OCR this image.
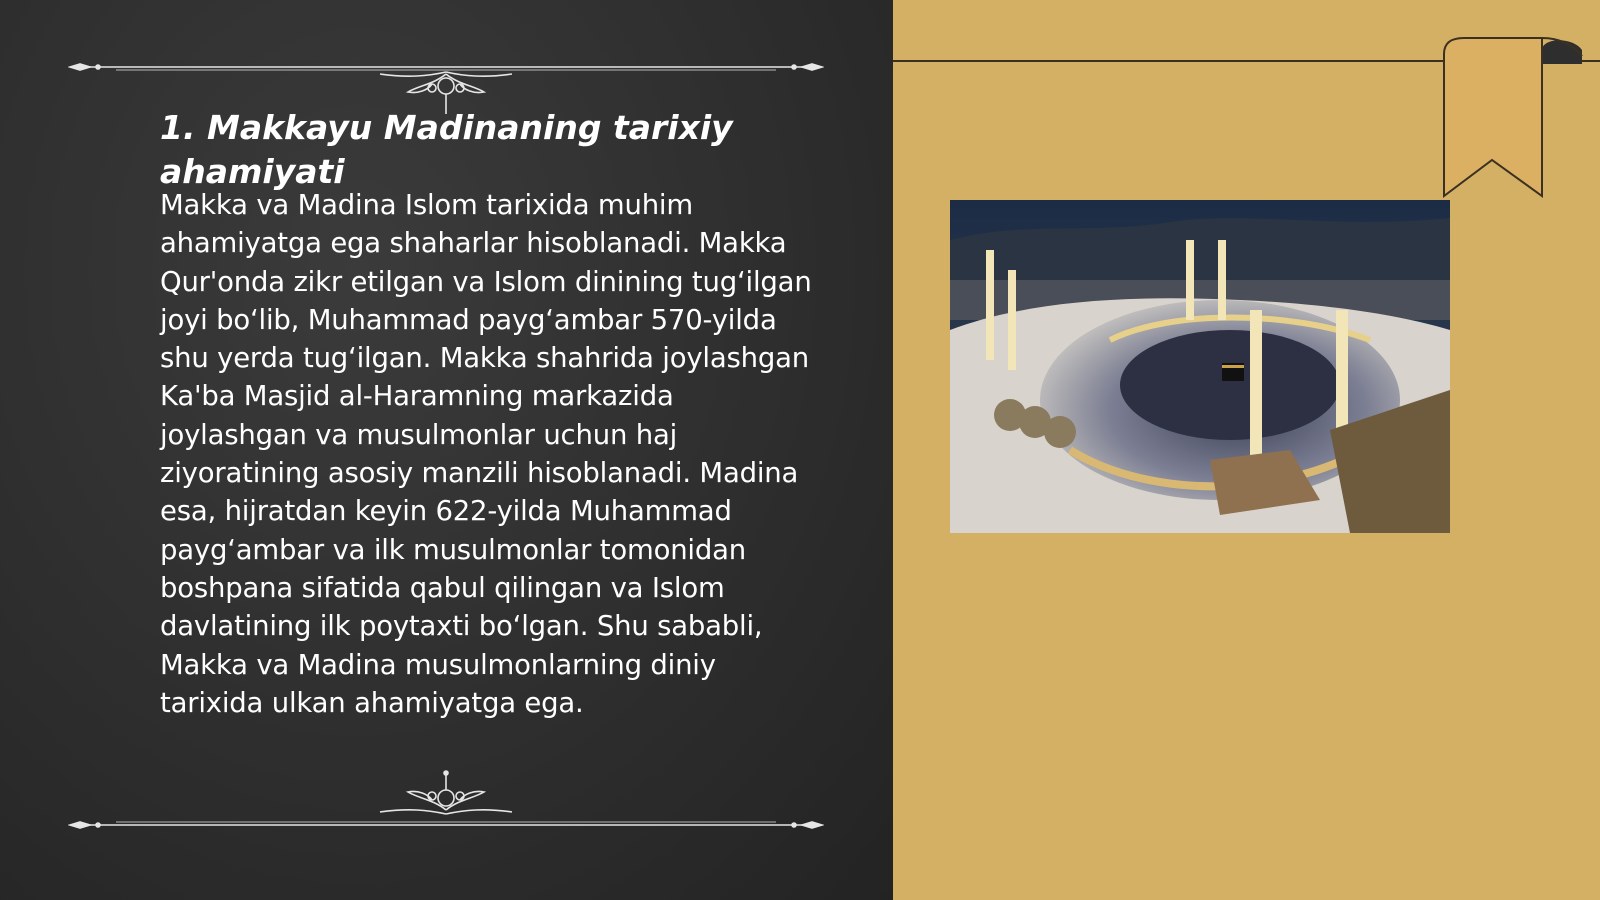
1. Makkayu Madinaning tarixiy ahamiyati

Makka va Madina Islom tarixida muhim ahamiyatga ega shaharlar hisoblanadi. Makka Qur'onda zikr etilgan va Islom dinining tug‘ilgan joyi bo‘lib, Muhammad payg‘ambar 570-yilda shu yerda tug‘ilgan. Makka shahrida joylashgan Ka'ba Masjid al-Haramning markazida joylashgan va musulmonlar uchun haj ziyoratining asosiy manzili hisoblanadi. Madina esa, hijratdan keyin 622-yilda Muhammad payg‘ambar va ilk musulmonlar tomonidan boshpana sifatida qabul qilingan va Islom davlatining ilk poytaxti bo‘lgan. Shu sababli, Makka va Madina musulmonlarning diniy tarixida ulkan ahamiyatga ega.
